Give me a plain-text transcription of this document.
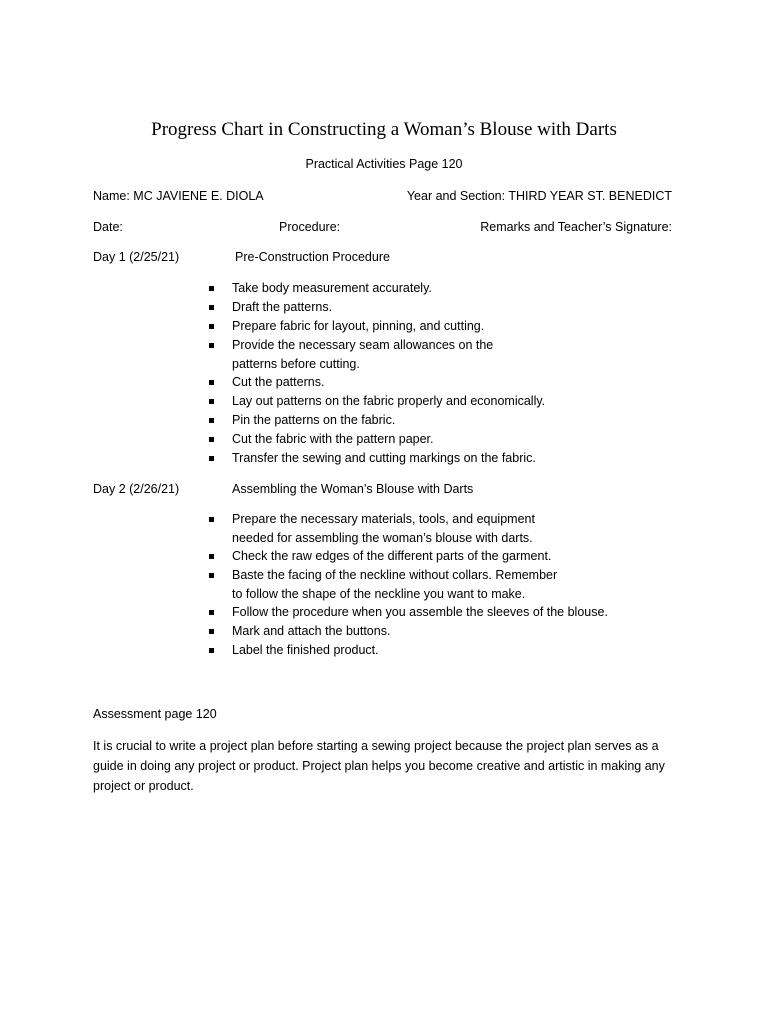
Progress Chart in Constructing a Woman’s Blouse with Darts
Practical Activities Page 120
Name: MC JAVIENE E. DIOLA	Year and Section: THIRD YEAR ST. BENEDICT
Date:	Procedure:	Remarks and Teacher’s Signature:
Day 1 (2/25/21)	Pre-Construction Procedure
Take body measurement accurately.
Draft the patterns.
Prepare fabric for layout, pinning, and cutting.
Provide the necessary seam allowances on the
patterns before cutting.
Cut the patterns.
Lay out patterns on the fabric properly and economically.
Pin the patterns on the fabric.
Cut the fabric with the pattern paper.
Transfer the sewing and cutting markings on the fabric.
Day 2 (2/26/21)	Assembling the Woman’s Blouse with Darts
Prepare the necessary materials, tools, and equipment
needed for assembling the woman’s blouse with darts.
Check the raw edges of the different parts of the garment.
Baste the facing of the neckline without collars. Remember
to follow the shape of the neckline you want to make.
Follow the procedure when you assemble the sleeves of the blouse.
Mark and attach the buttons.
Label the finished product.
Assessment page 120

It is crucial to write a project plan before starting a sewing project because the project plan serves as a guide in doing any project or product. Project plan helps you become creative and artistic in making any project or product.
